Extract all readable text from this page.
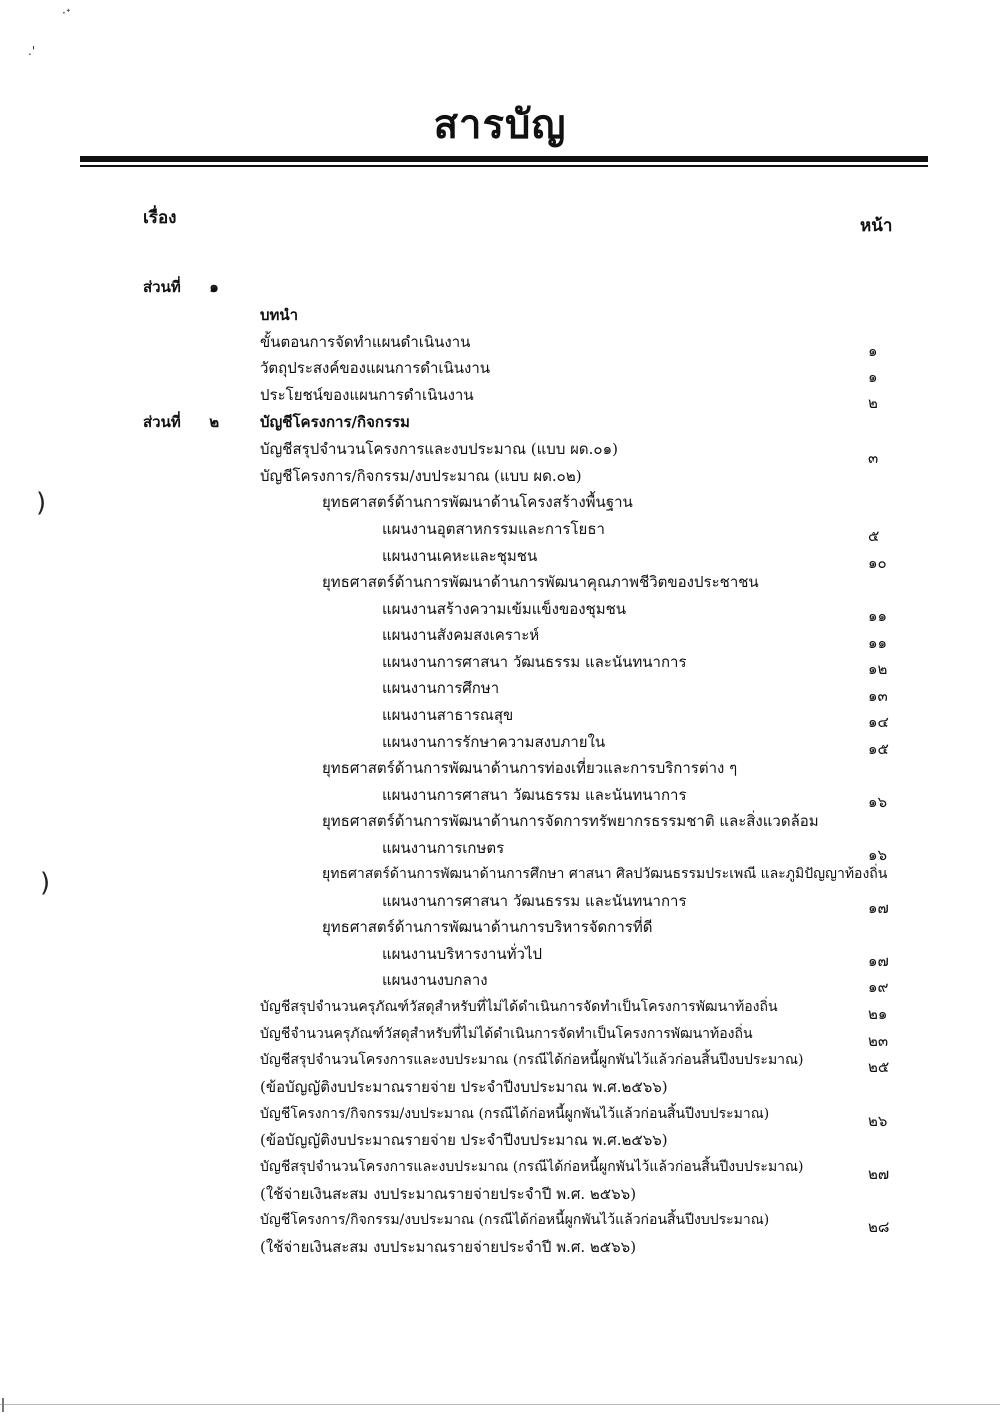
·ᐩ
.'
สารบัญ
เรื่อง	หน้า
ส่วนที่ ๑
ส่วนที่ ๒
บทนำ
ขั้นตอนการจัดทำแผนดำเนินงาน	๑
วัตถุประสงค์ของแผนการดำเนินงาน	๑
ประโยชน์ของแผนการดำเนินงาน	๒
บัญชีโครงการ/กิจกรรม
บัญชีสรุปจำนวนโครงการและงบประมาณ (แบบ ผด.๐๑)	๓
บัญชีโครงการ/กิจกรรม/งบประมาณ (แบบ ผด.๐๒)
ยุทธศาสตร์ด้านการพัฒนาด้านโครงสร้างพื้นฐาน
แผนงานอุตสาหกรรมและการโยธา	๕
แผนงานเคหะและชุมชน	๑๐
ยุทธศาสตร์ด้านการพัฒนาด้านการพัฒนาคุณภาพชีวิตของประชาชน
แผนงานสร้างความเข้มแข็งของชุมชน	๑๑
แผนงานสังคมสงเคราะห์	๑๑
แผนงานการศาสนา วัฒนธรรม และนันทนาการ	๑๒
แผนงานการศึกษา	๑๓
แผนงานสาธารณสุข	๑๔
แผนงานการรักษาความสงบภายใน	๑๕
ยุทธศาสตร์ด้านการพัฒนาด้านการท่องเที่ยวและการบริการต่าง ๆ
แผนงานการศาสนา วัฒนธรรม และนันทนาการ	๑๖
ยุทธศาสตร์ด้านการพัฒนาด้านการจัดการทรัพยากรธรรมชาติ และสิ่งแวดล้อม
แผนงานการเกษตร	๑๖
ยุทธศาสตร์ด้านการพัฒนาด้านการศึกษา ศาสนา ศิลปวัฒนธรรมประเพณี และภูมิปัญญาท้องถิ่น
แผนงานการศาสนา วัฒนธรรม และนันทนาการ	๑๗
ยุทธศาสตร์ด้านการพัฒนาด้านการบริหารจัดการที่ดี
แผนงานบริหารงานทั่วไป	๑๗
แผนงานงบกลาง	๑๙
บัญชีสรุปจำนวนครุภัณฑ์วัสดุสำหรับที่ไม่ได้ดำเนินการจัดทำเป็นโครงการพัฒนาท้องถิ่น	๒๑
บัญชีจำนวนครุภัณฑ์วัสดุสำหรับที่ไม่ได้ดำเนินการจัดทำเป็นโครงการพัฒนาท้องถิ่น	๒๓
บัญชีสรุปจำนวนโครงการและงบประมาณ (กรณีได้ก่อหนี้ผูกพันไว้แล้วก่อนสิ้นปีงบประมาณ)	๒๕
(ข้อบัญญัติงบประมาณรายจ่าย ประจำปีงบประมาณ พ.ศ.๒๕๖๖)
บัญชีโครงการ/กิจกรรม/งบประมาณ (กรณีได้ก่อหนี้ผูกพันไว้แล้วก่อนสิ้นปีงบประมาณ)	๒๖
(ข้อบัญญัติงบประมาณรายจ่าย ประจำปีงบประมาณ พ.ศ.๒๕๖๖)
บัญชีสรุปจำนวนโครงการและงบประมาณ (กรณีได้ก่อหนี้ผูกพันไว้แล้วก่อนสิ้นปีงบประมาณ)	๒๗
(ใช้จ่ายเงินสะสม งบประมาณรายจ่ายประจำปี พ.ศ. ๒๕๖๖)
บัญชีโครงการ/กิจกรรม/งบประมาณ (กรณีได้ก่อหนี้ผูกพันไว้แล้วก่อนสิ้นปีงบประมาณ)	๒๘
(ใช้จ่ายเงินสะสม งบประมาณรายจ่ายประจำปี พ.ศ. ๒๕๖๖)
)
)
